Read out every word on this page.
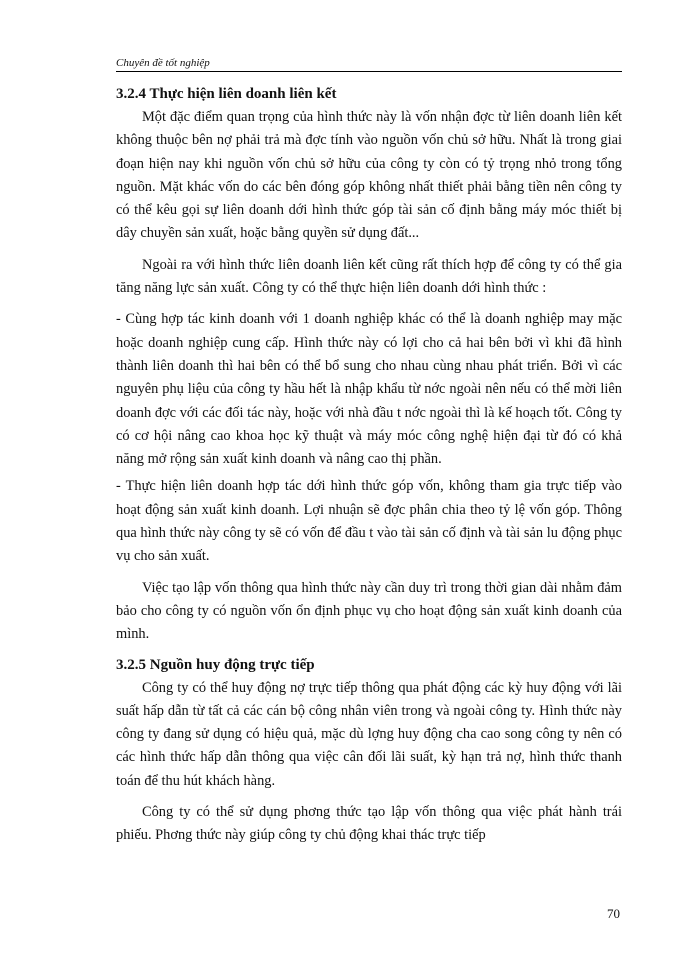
Chuyên đề tốt nghiệp
3.2.4 Thực hiện liên doanh liên kết

Một đặc điểm quan trọng của hình thức này là vốn nhận đợc từ liên doanh liên kết không thuộc bên nợ phải trả mà đợc tính vào nguồn vốn chủ sở hữu. Nhất là trong giai đoạn hiện nay khi nguồn vốn chủ sở hữu của công ty còn có tỷ trọng nhỏ trong tổng nguồn. Mặt khác vốn do các bên đóng góp không nhất thiết phải bằng tiền nên công ty có thể kêu gọi sự liên doanh dới hình thức góp tài sản cố định bằng máy móc thiết bị dây chuyền sản xuất, hoặc bằng quyền sử dụng đất...

Ngoài ra với hình thức liên doanh liên kết cũng rất thích hợp để công ty có thể gia tăng năng lực sản xuất. Công ty có thể thực hiện liên doanh dới hình thức :

- Cùng hợp tác kinh doanh với 1 doanh nghiệp khác có thể là doanh nghiệp may mặc hoặc doanh nghiệp cung cấp. Hình thức này có lợi cho cả hai bên bởi vì khi đã hình thành liên doanh thì hai bên có thể bổ sung cho nhau cùng nhau phát triển. Bởi vì các nguyên phụ liệu của công ty hầu hết là nhập khẩu từ nớc ngoài nên nếu có thể mời liên doanh đợc với các đối tác này, hoặc với nhà đầu t nớc ngoài thì là kế hoạch tốt. Công ty có cơ hội nâng cao khoa học kỹ thuật và máy móc công nghệ hiện đại từ đó có khả năng mở rộng sản xuất kinh doanh và nâng cao thị phần.

- Thực hiện liên doanh hợp tác dới hình thức góp vốn, không tham gia trực tiếp vào hoạt động sản xuất kinh doanh. Lợi nhuận sẽ đợc phân chia theo tỷ lệ vốn góp. Thông qua hình thức này công ty sẽ có vốn để đầu t vào tài sản cố định và tài sản lu động phục vụ cho sản xuất.

Việc tạo lập vốn thông qua hình thức này cần duy trì trong thời gian dài nhằm đảm bảo cho công ty có nguồn vốn ổn định phục vụ cho hoạt động sản xuất kinh doanh của mình.

3.2.5 Nguồn huy động trực tiếp

Công ty có thể huy động nợ trực tiếp thông qua phát động các kỳ huy động với lãi suất hấp dẫn từ tất cả các cán bộ công nhân viên trong và ngoài công ty. Hình thức này công ty đang sử dụng có hiệu quả, mặc dù lợng huy động cha cao song công ty nên có các hình thức hấp dẫn thông qua việc cân đối lãi suất, kỳ hạn trả nợ, hình thức thanh toán để thu hút khách hàng.

Công ty có thể sử dụng phơng thức tạo lập vốn thông qua việc phát hành trái phiếu. Phơng thức này giúp công ty chủ động khai thác trực tiếp

70
